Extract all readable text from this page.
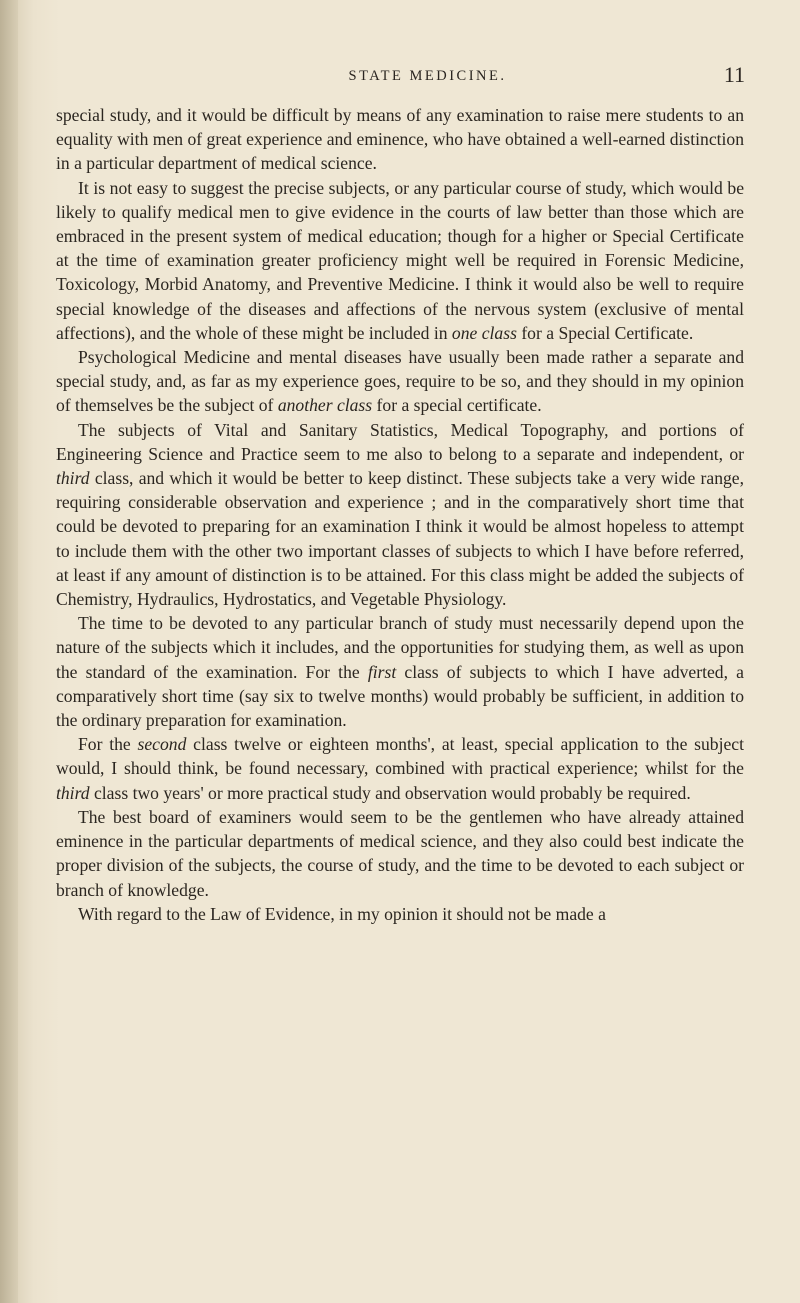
STATE MEDICINE.	11

special study, and it would be difficult by means of any examination to raise mere students to an equality with men of great experience and eminence, who have obtained a well-earned distinction in a particular department of medical science.

It is not easy to suggest the precise subjects, or any particular course of study, which would be likely to qualify medical men to give evidence in the courts of law better than those which are embraced in the present system of medical education; though for a higher or Special Certificate at the time of examination greater proficiency might well be required in Forensic Medicine, Toxicology, Morbid Anatomy, and Preventive Medicine. I think it would also be well to require special knowledge of the diseases and affections of the nervous system (exclusive of mental affections), and the whole of these might be included in one class for a Special Certificate.

Psychological Medicine and mental diseases have usually been made rather a separate and special study, and, as far as my experience goes, require to be so, and they should in my opinion of themselves be the subject of another class for a special certificate.

The subjects of Vital and Sanitary Statistics, Medical Topography, and portions of Engineering Science and Practice seem to me also to belong to a separate and independent, or third class, and which it would be better to keep distinct. These subjects take a very wide range, requiring considerable observation and experience ; and in the comparatively short time that could be devoted to preparing for an examination I think it would be almost hopeless to attempt to include them with the other two important classes of subjects to which I have before referred, at least if any amount of distinction is to be attained. For this class might be added the subjects of Chemistry, Hydraulics, Hydrostatics, and Vegetable Physiology.

The time to be devoted to any particular branch of study must necessarily depend upon the nature of the subjects which it includes, and the opportunities for studying them, as well as upon the standard of the examination. For the first class of subjects to which I have adverted, a comparatively short time (say six to twelve months) would probably be sufficient, in addition to the ordinary preparation for examination.

For the second class twelve or eighteen months', at least, special application to the subject would, I should think, be found necessary, combined with practical experience; whilst for the third class two years' or more practical study and observation would probably be required.

The best board of examiners would seem to be the gentlemen who have already attained eminence in the particular departments of medical science, and they also could best indicate the proper division of the subjects, the course of study, and the time to be devoted to each subject or branch of knowledge.

With regard to the Law of Evidence, in my opinion it should not be made a
